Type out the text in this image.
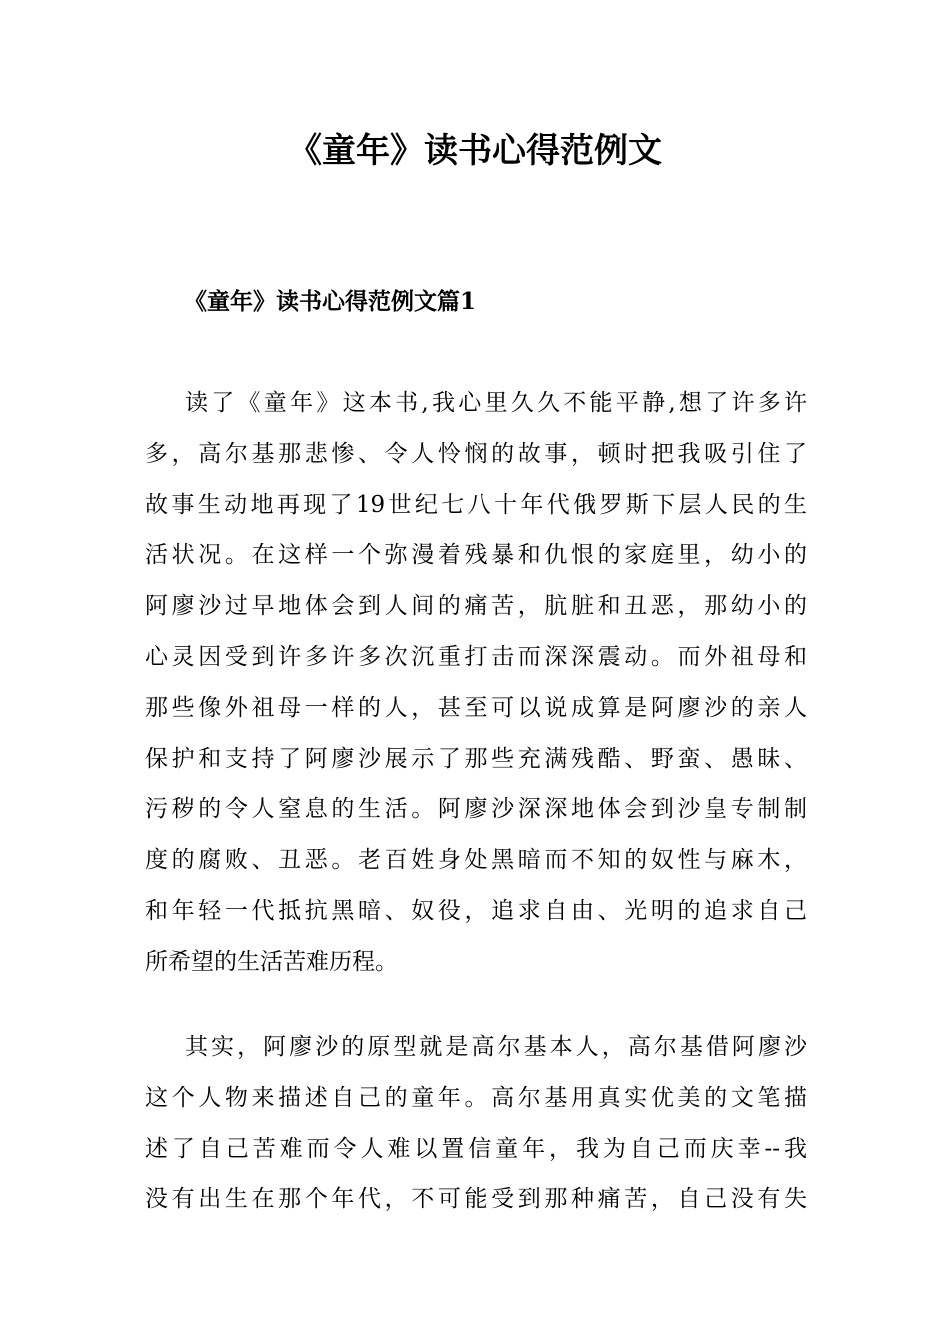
《童年》读书心得范例文
《童年》读书心得范例文篇1
读了《童年》这本书,我心里久久不能平静,想了许多许
多，高尔基那悲惨、令人怜悯的故事，顿时把我吸引住了
故事生动地再现了19世纪七八十年代俄罗斯下层人民的生
活状况。在这样一个弥漫着残暴和仇恨的家庭里，幼小的
阿廖沙过早地体会到人间的痛苦，肮脏和丑恶，那幼小的
心灵因受到许多许多次沉重打击而深深震动。而外祖母和
那些像外祖母一样的人，甚至可以说成算是阿廖沙的亲人
保护和支持了阿廖沙展示了那些充满残酷、野蛮、愚昧、
污秽的令人窒息的生活。阿廖沙深深地体会到沙皇专制制
度的腐败、丑恶。老百姓身处黑暗而不知的奴性与麻木，
和年轻一代抵抗黑暗、奴役，追求自由、光明的追求自己
所希望的生活苦难历程。
其实，阿廖沙的原型就是高尔基本人，高尔基借阿廖沙
这个人物来描述自己的童年。高尔基用真实优美的文笔描
述了自己苦难而令人难以置信童年，我为自己而庆幸--我
没有出生在那个年代，不可能受到那种痛苦，自己没有失
